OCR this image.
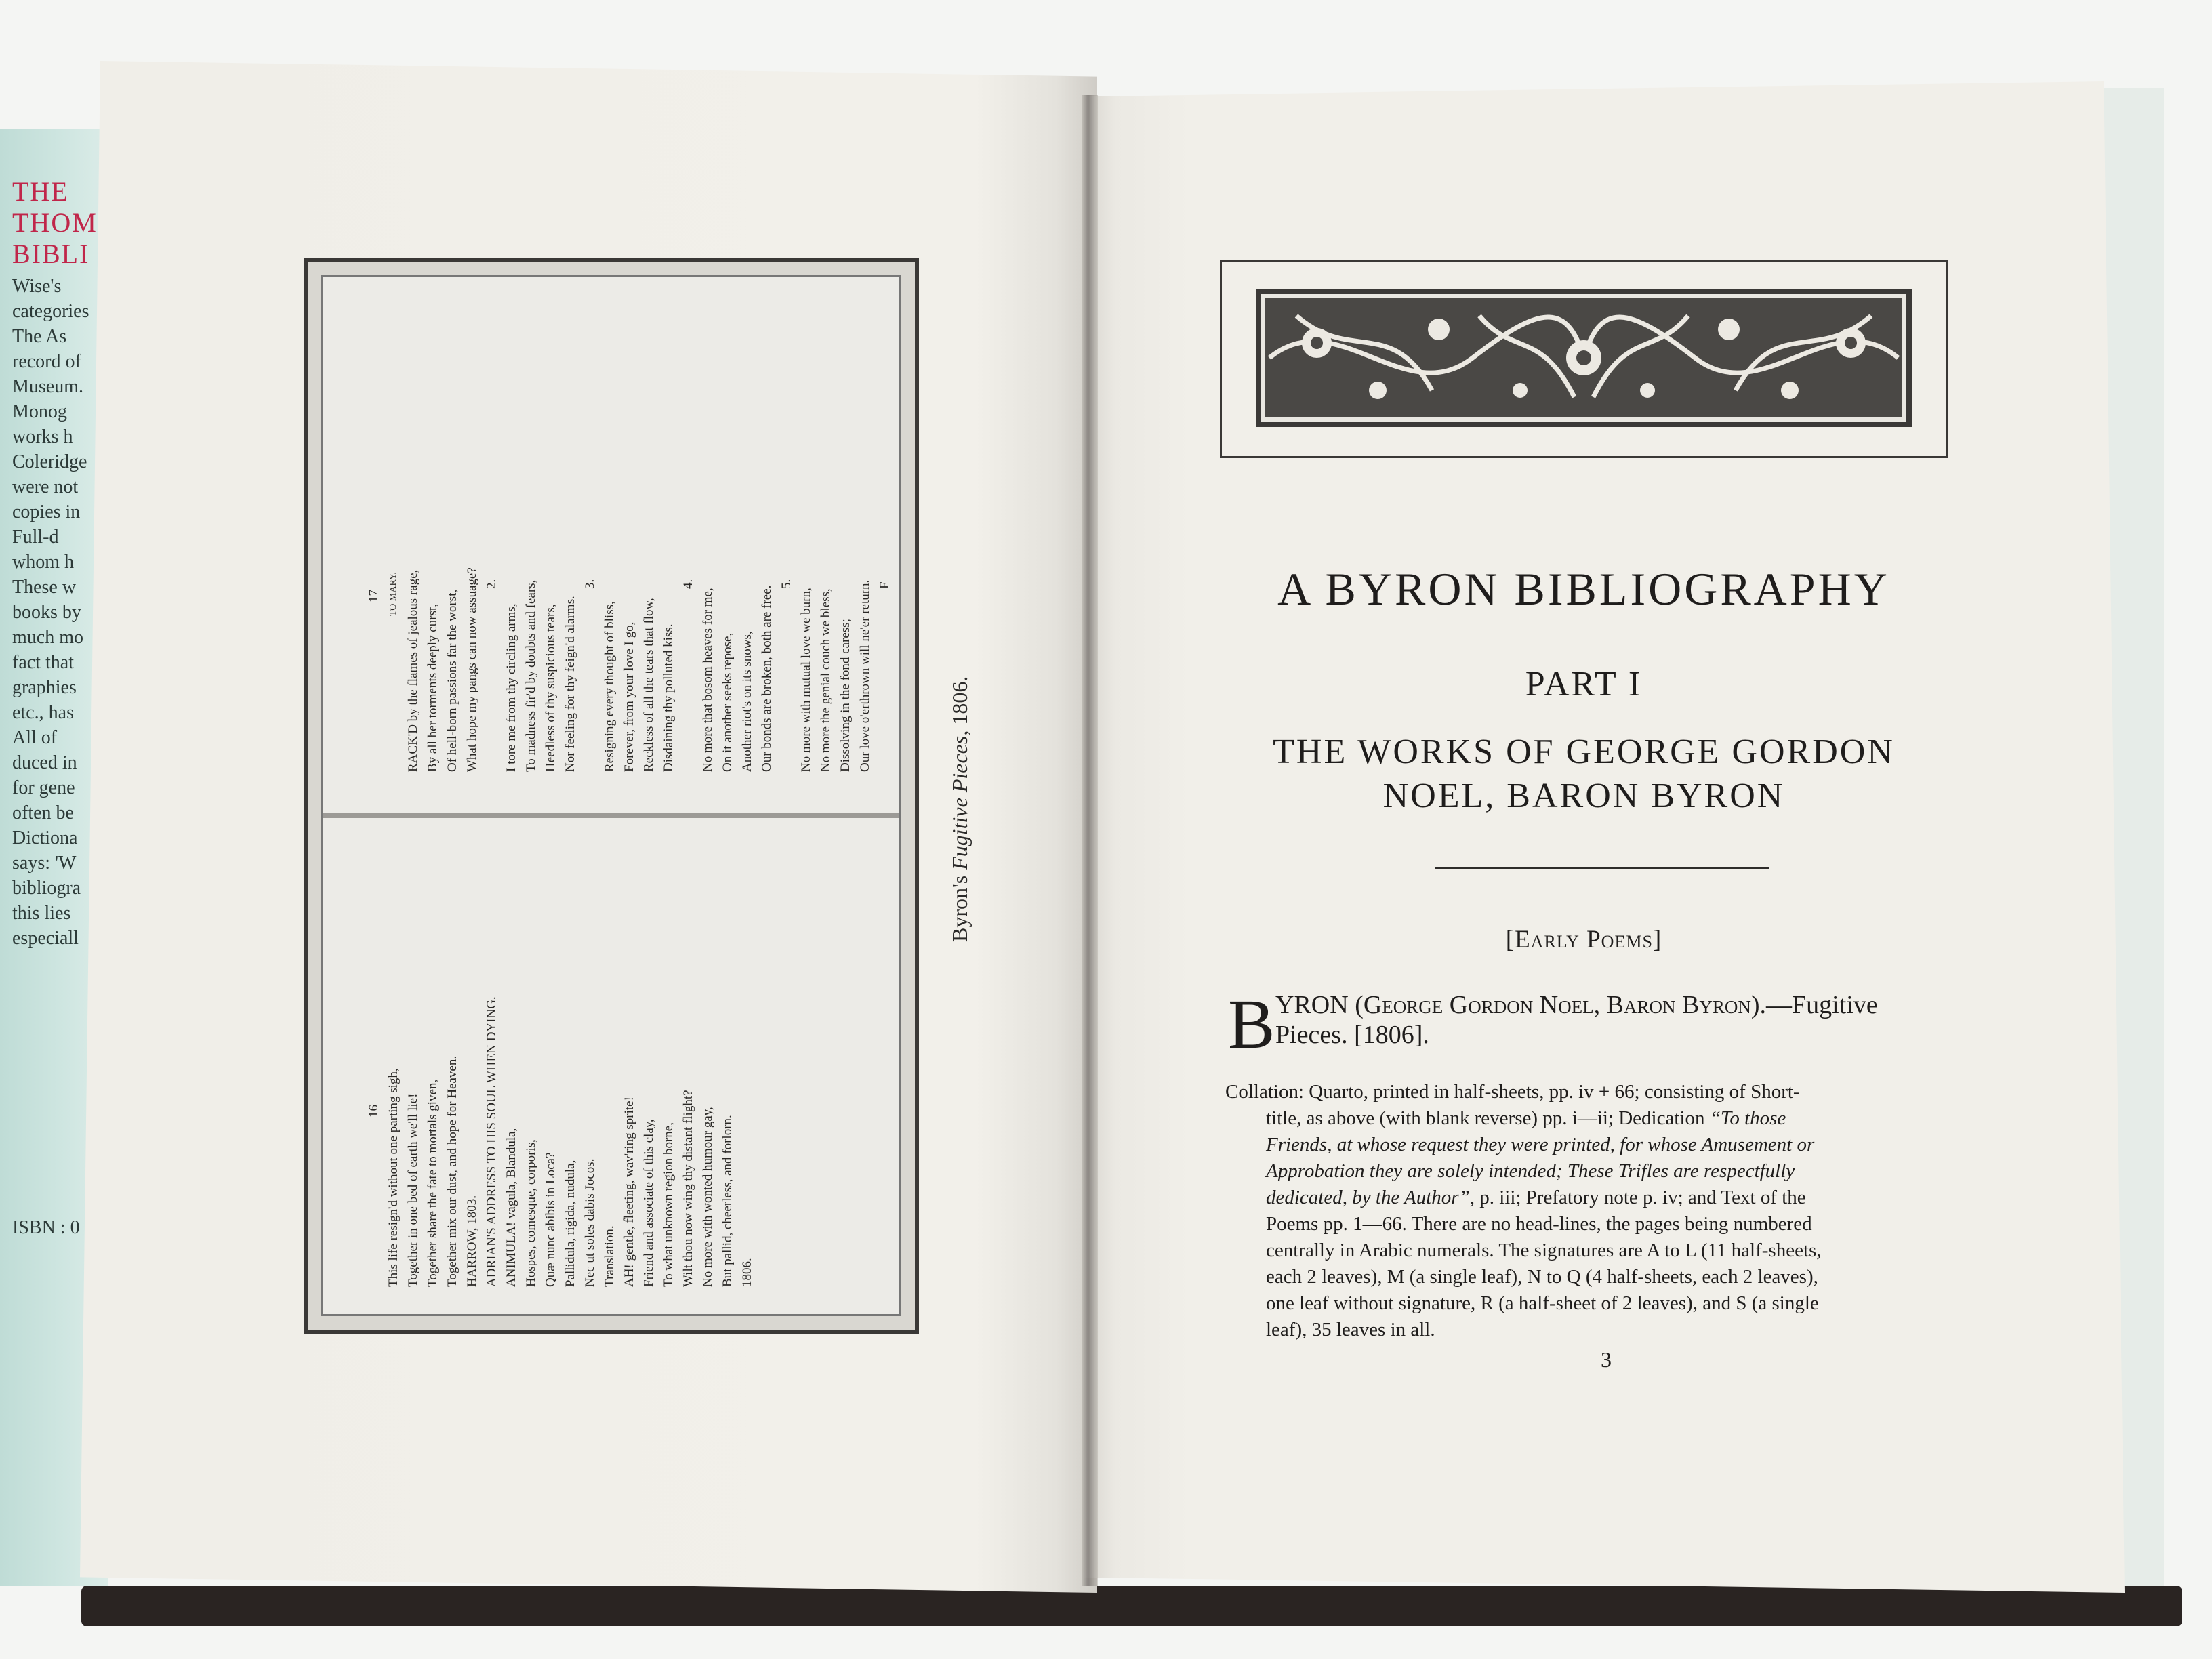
THE
THOM
BIBLI
Wise's
categories
The As
record of
Museum.
Monog
works h
Coleridge
were not
copies in
Full-d
whom h
These w
books by
much mo
fact that
graphies
etc., has
All of
duced in
for gene
often be
Dictiona
says: 'W
bibliogra
this lies
especiall
ISBN : 0
17 TO MARY. RACK'D by the flames of jealous rage, By all her torments deeply curst, Of hell-born passions far the worst, What hope my pangs can now assuage? 2.
I tore me from thy circling arms, To madness fir'd by doubts and fears, Heedless of thy suspicious tears, Nor feeling for thy feign'd alarms.
3.
Resigning every thought of bliss, Forever, from your love I go, Reckless of all the tears that flow, Disdaining thy polluted kiss.
4.
No more that bosom heaves for me, On it another seeks repose, Another riot's on its snows, Our bonds are broken, both are free.
5.
No more with mutual love we burn, No more the genial couch we bless, Dissolving in the fond caress; Our love o'erthrown will ne'er return. F
16 This life resign'd without one parting sigh, Together in one bed of earth we'll lie! Together share the fate to mortals given, Together mix our dust, and hope for Heaven. HARROW, 1803. ADRIAN'S ADDRESS TO HIS SOUL WHEN DYING. ANIMULA! vagula, Blandula, Hospes, comesque, corporis, Quæ nunc abibis in Loca? Pallidula, rigida, nudula, Nec ut soles dabis Jocos. Translation. AH! gentle, fleeting, wav'ring sprite! Friend and associate of this clay, To what unknown region borne, Wilt thou now wing thy distant flight? No more with wonted humour gay, But pallid, cheerless, and forlorn. 1806.
Byron's Fugitive Pieces, 1806.
A BYRON BIBLIOGRAPHY
PART I
THE WORKS OF GEORGE GORDON
NOEL, BARON BYRON
[Early Poems]
B YRON (George Gordon Noel, Baron Byron).—Fugitive
Pieces. [1806].
Collation: Quarto, printed in half-sheets, pp. iv + 66; consisting of Short-
title, as above (with blank reverse) pp. i—ii; Dedication “To those
Friends, at whose request they were printed, for whose Amusement or
Approbation they are solely intended; These Trifles are respectfully
dedicated, by the Author”, p. iii; Prefatory note p. iv; and Text of the
Poems pp. 1—66. There are no head-lines, the pages being numbered
centrally in Arabic numerals. The signatures are A to L (11 half-sheets,
each 2 leaves), M (a single leaf), N to Q (4 half-sheets, each 2 leaves),
one leaf without signature, R (a half-sheet of 2 leaves), and S (a single
leaf), 35 leaves in all.
3
